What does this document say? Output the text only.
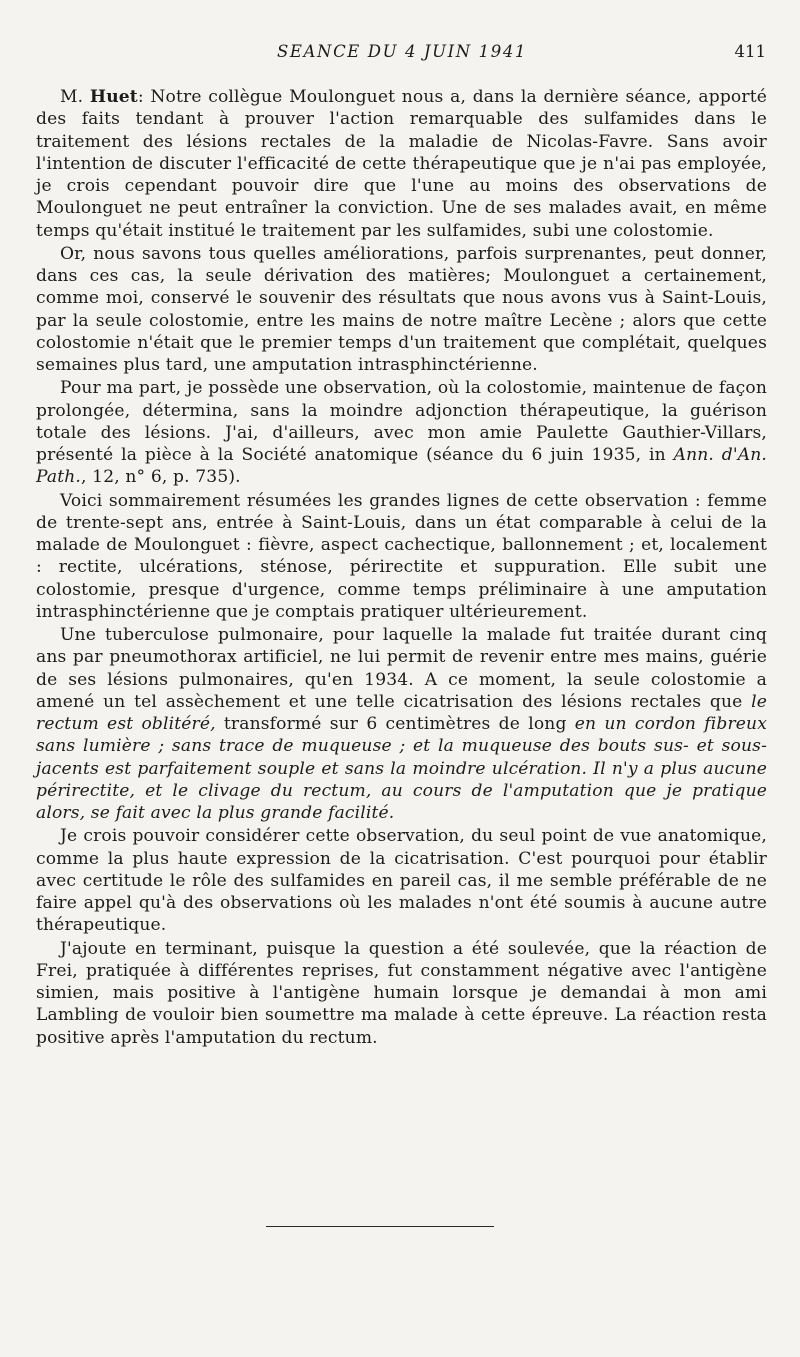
SEANCE DU 4 JUIN 1941	411

M. Huet: Notre collègue Moulonguet nous a, dans la dernière séance, apporté des faits tendant à prouver l'action remarquable des sulfamides dans le traitement des lésions rectales de la maladie de Nicolas-Favre. Sans avoir l'intention de discuter l'efficacité de cette thérapeutique que je n'ai pas employée, je crois cependant pouvoir dire que l'une au moins des observations de Moulonguet ne peut entraîner la conviction. Une de ses malades avait, en même temps qu'était institué le traitement par les sulfamides, subi une colostomie.

Or, nous savons tous quelles améliorations, parfois surprenantes, peut donner, dans ces cas, la seule dérivation des matières; Moulonguet a certainement, comme moi, conservé le souvenir des résultats que nous avons vus à Saint-Louis, par la seule colostomie, entre les mains de notre maître Lecène ; alors que cette colostomie n'était que le premier temps d'un traitement que complétait, quelques semaines plus tard, une amputation intrasphinctérienne.

Pour ma part, je possède une observation, où la colostomie, maintenue de façon prolongée, détermina, sans la moindre adjonction thérapeutique, la guérison totale des lésions. J'ai, d'ailleurs, avec mon amie Paulette Gauthier-Villars, présenté la pièce à la Société anatomique (séance du 6 juin 1935, in Ann. d'An. Path., 12, n° 6, p. 735).

Voici sommairement résumées les grandes lignes de cette observation : femme de trente-sept ans, entrée à Saint-Louis, dans un état comparable à celui de la malade de Moulonguet : fièvre, aspect cachectique, ballonnement ; et, localement : rectite, ulcérations, sténose, périrectite et suppuration. Elle subit une colostomie, presque d'urgence, comme temps préliminaire à une amputation intrasphinctérienne que je comptais pratiquer ultérieurement.

Une tuberculose pulmonaire, pour laquelle la malade fut traitée durant cinq ans par pneumothorax artificiel, ne lui permit de revenir entre mes mains, guérie de ses lésions pulmonaires, qu'en 1934. A ce moment, la seule colostomie a amené un tel assèchement et une telle cicatrisation des lésions rectales que le rectum est oblitéré, transformé sur 6 centimètres de long en un cordon fibreux sans lumière ; sans trace de muqueuse ; et la muqueuse des bouts sus- et sous-jacents est parfaitement souple et sans la moindre ulcération. Il n'y a plus aucune périrectite, et le clivage du rectum, au cours de l'amputation que je pratique alors, se fait avec la plus grande facilité.

Je crois pouvoir considérer cette observation, du seul point de vue anatomique, comme la plus haute expression de la cicatrisation. C'est pourquoi pour établir avec certitude le rôle des sulfamides en pareil cas, il me semble préférable de ne faire appel qu'à des observations où les malades n'ont été soumis à aucune autre thérapeutique.

J'ajoute en terminant, puisque la question a été soulevée, que la réaction de Frei, pratiquée à différentes reprises, fut constamment négative avec l'antigène simien, mais positive à l'antigène humain lorsque je demandai à mon ami Lambling de vouloir bien soumettre ma malade à cette épreuve. La réaction resta positive après l'amputation du rectum.
